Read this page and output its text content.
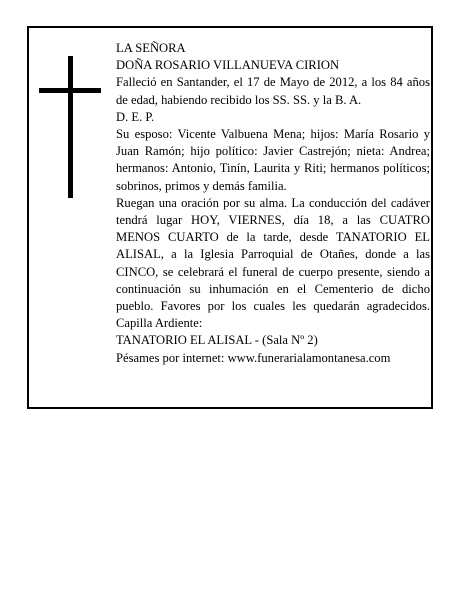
LA SEÑORA

DOÑA ROSARIO VILLANUEVA CIRION

Falleció en Santander, el 17 de Mayo de 2012, a los 84 años de edad, habiendo recibido los SS. SS. y la B. A.

D. E. P.

Su esposo: Vicente Valbuena Mena; hijos: María Rosario y Juan Ramón; hijo político: Javier Castrejón; nieta: Andrea; hermanos: Antonio, Tinín, Laurita y Riti; hermanos políticos; sobrinos, primos y demás familia.

Ruegan una oración por su alma. La conducción del cadáver tendrá lugar HOY, VIERNES, día 18, a las CUATRO MENOS CUARTO de la tarde, desde TANATORIO EL ALISAL, a la Iglesia Parroquial de Otañes, donde a las CINCO, se celebrará el funeral de cuerpo presente, siendo a continuación su inhumación en el Cementerio de dicho pueblo. Favores por los cuales les quedarán agradecidos. Capilla Ardiente:

TANATORIO EL ALISAL - (Sala Nº 2)

Pésames por internet: www.funerarialamontanesa.com
